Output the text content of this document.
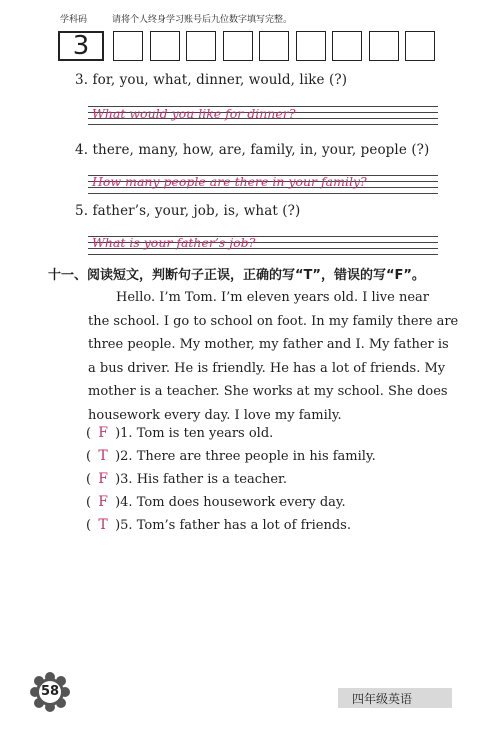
学科码	请将个人终身学习账号后九位数字填写完整。
3
3. for, you, what, dinner, would, like (?)
What would you like for dinner?
4. there, many, how, are, family, in, your, people (?)
How many people are there in your family?
5. father’s, your, job, is, what (?)
What is your father’s job?
十一、阅读短文，判断句子正误，正确的写“T”，错误的写“F”。
Hello. I’m Tom. I’m eleven years old. I live near
the school. I go to school on foot. In my family there are
three people. My mother, my father and I. My father is
a bus driver. He is friendly. He has a lot of friends. My
mother is a teacher. She works at my school. She does
housework every day. I love my family.
( F )1. Tom is ten years old.
( T )2. There are three people in his family.
( F )3. His father is a teacher.
( F )4. Tom does housework every day.
( T )5. Tom’s father has a lot of friends.
58	四年级英语
